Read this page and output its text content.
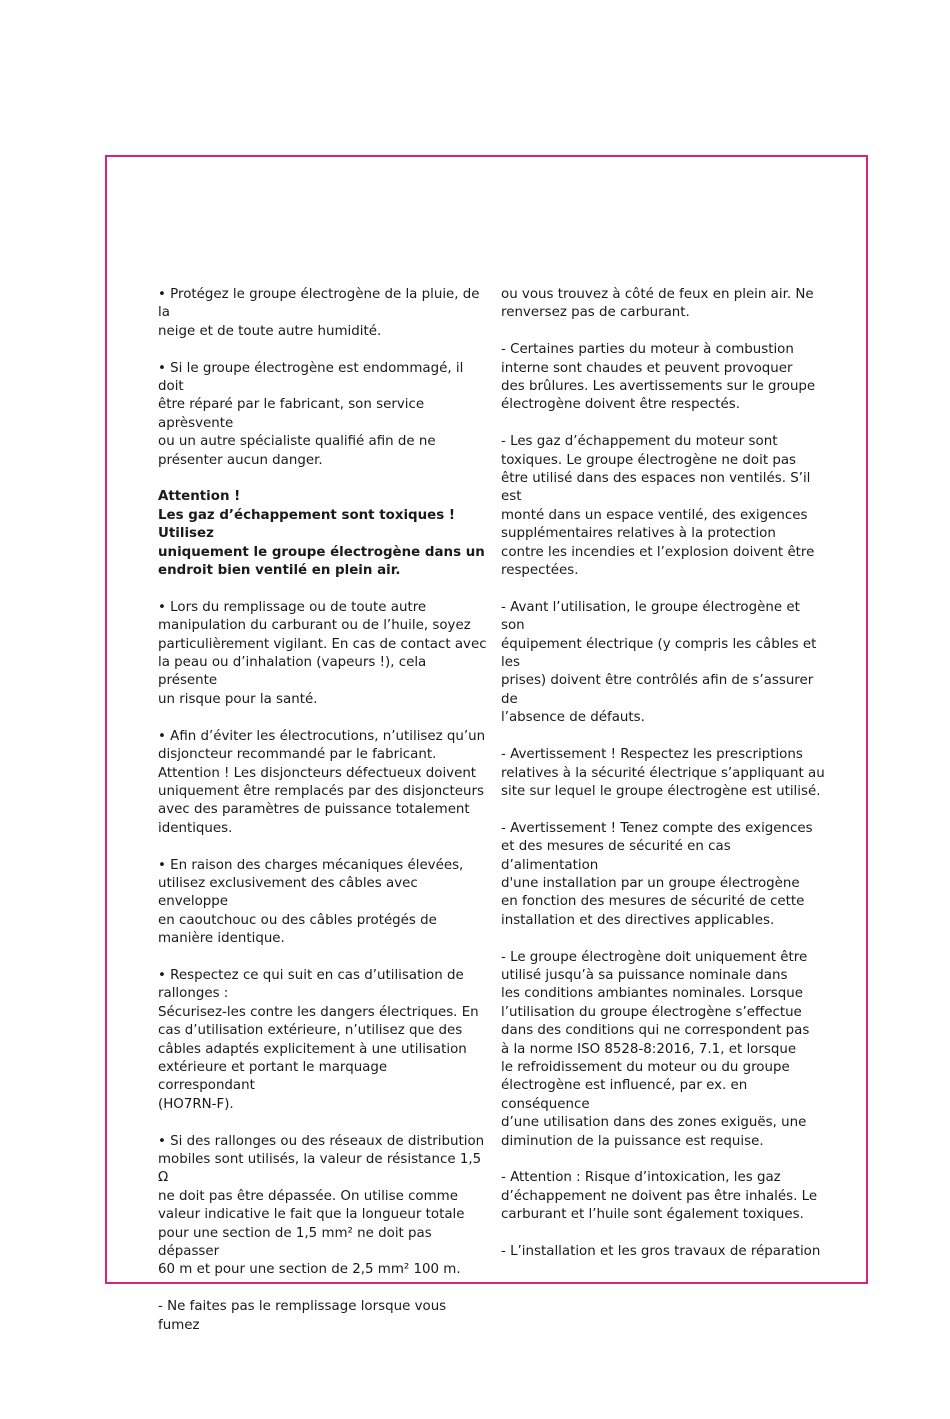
• Protégez le groupe électrogène de la pluie, de la
neige et de toute autre humidité.

• Si le groupe électrogène est endommagé, il doit
être réparé par le fabricant, son service aprèsvente
ou un autre spécialiste qualifié afin de ne
présenter aucun danger.

Attention !
Les gaz d’échappement sont toxiques ! Utilisez
uniquement le groupe électrogène dans un
endroit bien ventilé en plein air.

• Lors du remplissage ou de toute autre
manipulation du carburant ou de l’huile, soyez
particulièrement vigilant. En cas de contact avec
la peau ou d’inhalation (vapeurs !), cela présente
un risque pour la santé.

• Afin d’éviter les électrocutions, n’utilisez qu’un
disjoncteur recommandé par le fabricant.
Attention ! Les disjoncteurs défectueux doivent
uniquement être remplacés par des disjoncteurs
avec des paramètres de puissance totalement
identiques.

• En raison des charges mécaniques élevées,
utilisez exclusivement des câbles avec enveloppe
en caoutchouc ou des câbles protégés de
manière identique.

• Respectez ce qui suit en cas d’utilisation de
rallonges :
Sécurisez-les contre les dangers électriques. En
cas d’utilisation extérieure, n’utilisez que des
câbles adaptés explicitement à une utilisation
extérieure et portant le marquage correspondant
(HO7RN-F).

• Si des rallonges ou des réseaux de distribution
mobiles sont utilisés, la valeur de résistance 1,5 Ω
ne doit pas être dépassée. On utilise comme
valeur indicative le fait que la longueur totale
pour une section de 1,5 mm² ne doit pas dépasser
60 m et pour une section de 2,5 mm² 100 m.

- Ne faites pas le remplissage lorsque vous fumez

ou vous trouvez à côté de feux en plein air. Ne
renversez pas de carburant.

- Certaines parties du moteur à combustion
interne sont chaudes et peuvent provoquer
des brûlures. Les avertissements sur le groupe
électrogène doivent être respectés.

- Les gaz d’échappement du moteur sont
toxiques. Le groupe électrogène ne doit pas
être utilisé dans des espaces non ventilés. S’il est
monté dans un espace ventilé, des exigences
supplémentaires relatives à la protection
contre les incendies et l’explosion doivent être
respectées.

- Avant l’utilisation, le groupe électrogène et son
équipement électrique (y compris les câbles et les
prises) doivent être contrôlés afin de s’assurer de
l’absence de défauts.

- Avertissement ! Respectez les prescriptions
relatives à la sécurité électrique s’appliquant au
site sur lequel le groupe électrogène est utilisé.

- Avertissement ! Tenez compte des exigences
et des mesures de sécurité en cas d’alimentation
d'une installation par un groupe électrogène
en fonction des mesures de sécurité de cette
installation et des directives applicables.

- Le groupe électrogène doit uniquement être
utilisé jusqu’à sa puissance nominale dans
les conditions ambiantes nominales. Lorsque
l’utilisation du groupe électrogène s’effectue
dans des conditions qui ne correspondent pas
à la norme ISO 8528-8:2016, 7.1, et lorsque
le refroidissement du moteur ou du groupe
électrogène est influencé, par ex. en conséquence
d’une utilisation dans des zones exiguës, une
diminution de la puissance est requise.

- Attention : Risque d’intoxication, les gaz
d’échappement ne doivent pas être inhalés. Le
carburant et l’huile sont également toxiques.

- L’installation et les gros travaux de réparation
